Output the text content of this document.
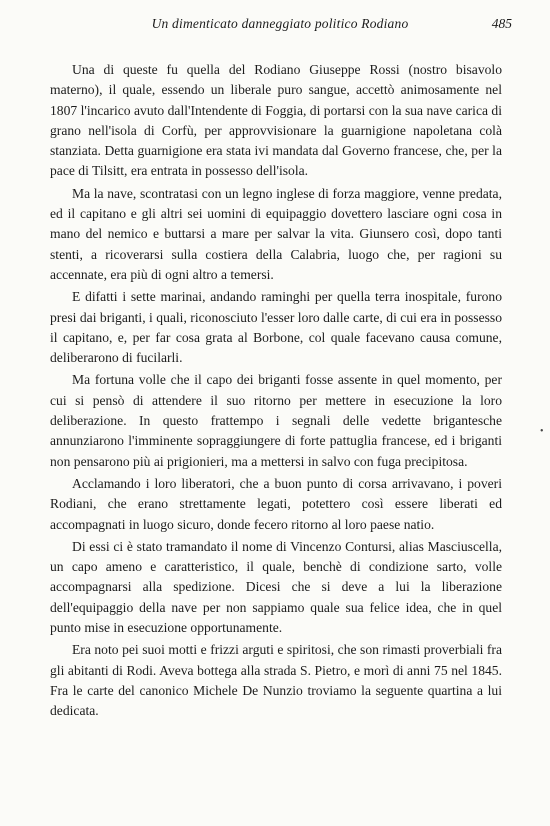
Un dimenticato danneggiato politico Rodiano	485

Una di queste fu quella del Rodiano Giuseppe Rossi (nostro bisavolo materno), il quale, essendo un liberale puro sangue, accettò animosamente nel 1807 l'incarico avuto dall'Intendente di Foggia, di portarsi con la sua nave carica di grano nell'isola di Corfù, per approvvisionare la guarnigione napoletana colà stanziata. Detta guarnigione era stata ivi mandata dal Governo francese, che, per la pace di Tilsitt, era entrata in possesso dell'isola.

Ma la nave, scontratasi con un legno inglese di forza maggiore, venne predata, ed il capitano e gli altri sei uomini di equipaggio dovettero lasciare ogni cosa in mano del nemico e buttarsi a mare per salvar la vita. Giunsero così, dopo tanti stenti, a ricoverarsi sulla costiera della Calabria, luogo che, per ragioni su accennate, era più di ogni altro a temersi.

E difatti i sette marinai, andando raminghi per quella terra inospitale, furono presi dai briganti, i quali, riconosciuto l'esser loro dalle carte, di cui era in possesso il capitano, e, per far cosa grata al Borbone, col quale facevano causa comune, deliberarono di fucilarli.

Ma fortuna volle che il capo dei briganti fosse assente in quel momento, per cui si pensò di attendere il suo ritorno per mettere in esecuzione la loro deliberazione. In questo frattempo i segnali delle vedette brigantesche annunziarono l'imminente sopraggiungere di forte pattuglia francese, ed i briganti non pensarono più ai prigionieri, ma a mettersi in salvo con fuga precipitosa.

Acclamando i loro liberatori, che a buon punto di corsa arrivavano, i poveri Rodiani, che erano strettamente legati, potettero così essere liberati ed accompagnati in luogo sicuro, donde fecero ritorno al loro paese natio.

Di essi ci è stato tramandato il nome di Vincenzo Contursi, alias Masciuscella, un capo ameno e caratteristico, il quale, benchè di condizione sarto, volle accompagnarsi alla spedizione. Dicesi che si deve a lui la liberazione dell'equipaggio della nave per non sappiamo quale sua felice idea, che in quel punto mise in esecuzione opportunamente.

Era noto pei suoi motti e frizzi arguti e spiritosi, che son rimasti proverbiali fra gli abitanti di Rodi. Aveva bottega alla strada S. Pietro, e morì di anni 75 nel 1845. Fra le carte del canonico Michele De Nunzio troviamo la seguente quartina a lui dedicata.

•
